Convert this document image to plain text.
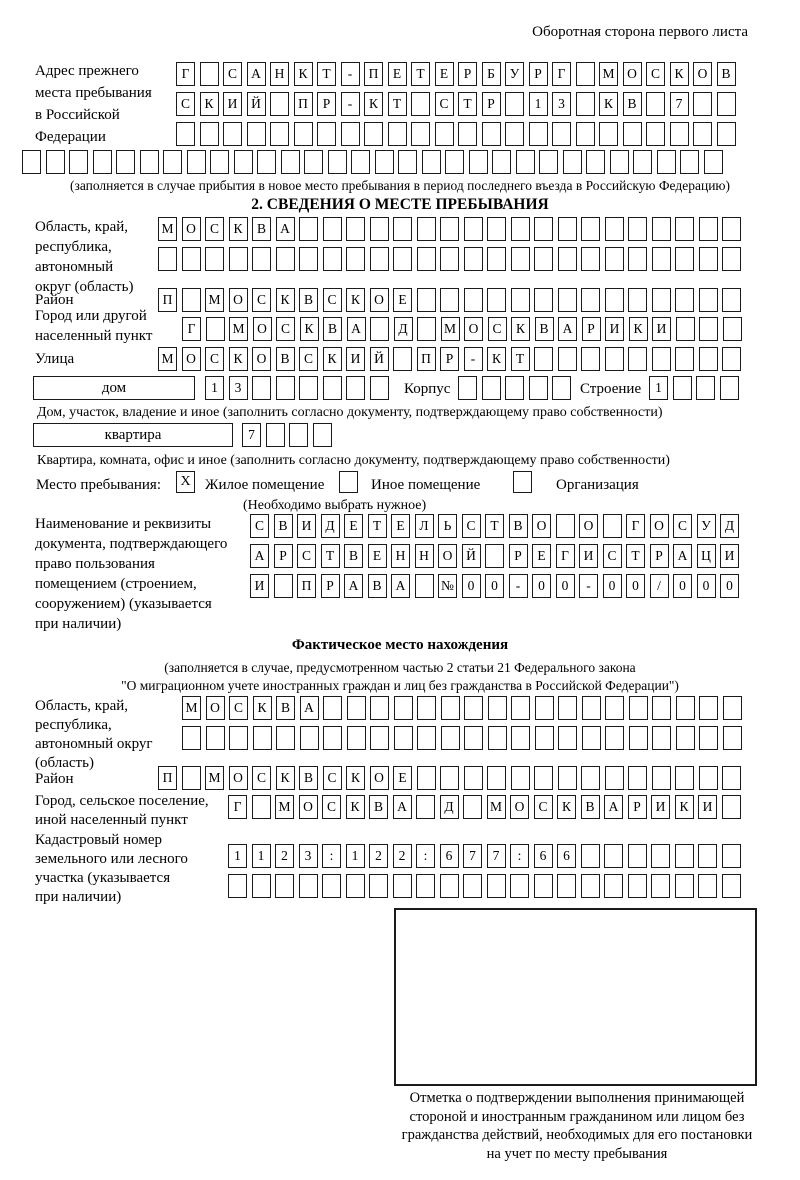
Оборотная сторона первого листа
Адрес прежнего
места пребывания
в Российской
Федерации
Г	С	А	Н	К	Т	-	П	Е	Т	Е	Р	Б	У	Р	Г	М О	С	К	О	В
С	К	И	Й	П	Р	-	К	Т	С	Т	Р	1	3	К	В	7
(заполняется в случае прибытия в новое место пребывания в период последнего въезда в Российскую Федерацию)
2. СВЕДЕНИЯ О МЕСТЕ ПРЕБЫВАНИЯ
Область, край,
республика,
автономный
округ (область)
М О	С	К	В	А
Район	П	М О	С	К	В	С	К	О	Е
Город или другой
населенный пункт	Г	М О	С	К	В	А	Д	М О	С	К	В	А	Р	И	К	И
Улица	М О	С	К	О	В	С	К	И	Й	П	Р	-	К	Т
дом	1	3	Корпус	Строение	1
Дом, участок, владение и иное (заполнить согласно документу, подтверждающему право собственности)
квартира	7
Квартира, комната, офис и иное (заполнить согласно документу, подтверждающему право собственности)
Место пребывания:	X Жилое помещение	Иное помещение	Организация
(Необходимо выбрать нужное)
Наименование и реквизиты
документа, подтверждающего
право пользования
помещением (строением,
сооружением) (указывается
при наличии)
С	В	И	Д	Е	Т	Е	Л	Ь	С	Т	В	О	О	Г	О	С	У	Д
А	Р	С	Т	В	Е	Н	Н	О	Й	Р	Е	Г	И	С	Т	Р	А	Ц	И
И	П	Р	А	В	А	№	0	0	-	0	0	-	0	0	/	0	0	0
Фактическое место нахождения
(заполняется в случае, предусмотренном частью 2 статьи 21 Федерального закона
"О миграционном учете иностранных граждан и лиц без гражданства в Российской Федерации")
Область, край,
республика,
автономный округ
(область)
М О	С	К	В	А
Район	П	М О	С	К	В	С	К	О	Е
Город, сельское поселение,
иной населенный пункт
Г	М О	С	К	В	А	Д	М О	С	К	В	А	Р	И	К	И
Кадастровый номер
земельного или лесного
участка (указывается
при наличии)
1	1	2	3	:	1	2	2	:	6	7	7	:	6	6
Отметка о подтверждении выполнения принимающей
стороной и иностранным гражданином или лицом без
гражданства действий, необходимых для его постановки
на учет по месту пребывания
